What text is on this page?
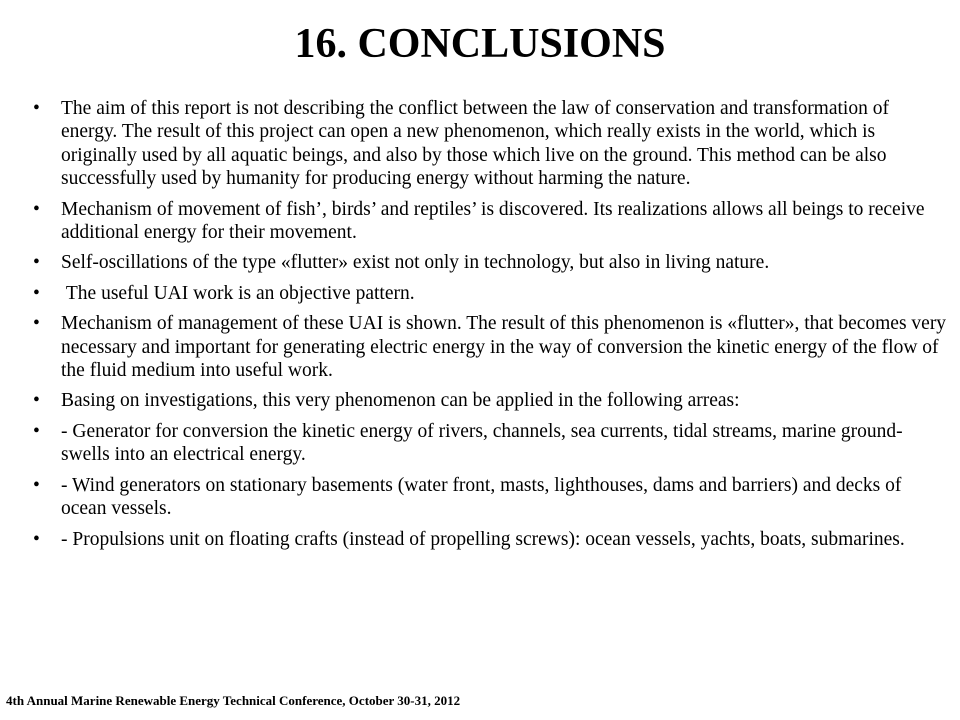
16. CONCLUSIONS
• The aim of this report is not describing the conflict between the law of conservation and transformation of energy. The result of this project can open a new phenomenon, which really exists in the world, which is originally used by all aquatic beings, and also by those which live on the ground. This method can be also successfully used by humanity for producing energy without harming the nature.
• Mechanism of movement of fish’, birds’ and reptiles’ is discovered. Its realizations allows all beings to receive additional energy for their movement.
• Self-oscillations of the type «flutter» exist not only in technology, but also in living nature.
• The useful UAI work is an objective pattern.
• Mechanism of management of these UAI is shown. The result of this phenomenon is «flutter», that becomes very necessary and important for generating electric energy in the way of conversion the kinetic energy of the flow of the fluid medium into useful work.
• Basing on investigations, this very phenomenon can be applied in the following arreas:
• - Generator for conversion the kinetic energy of rivers, channels, sea currents, tidal streams, marine ground-swells into an electrical energy.
• - Wind generators on stationary basements (water front, masts, lighthouses, dams and barriers) and decks of ocean vessels.
• - Propulsions unit on floating crafts (instead of propelling screws): ocean vessels, yachts, boats, submarines.
4th Annual Marine Renewable Energy Technical Conference, October 30-31, 2012
